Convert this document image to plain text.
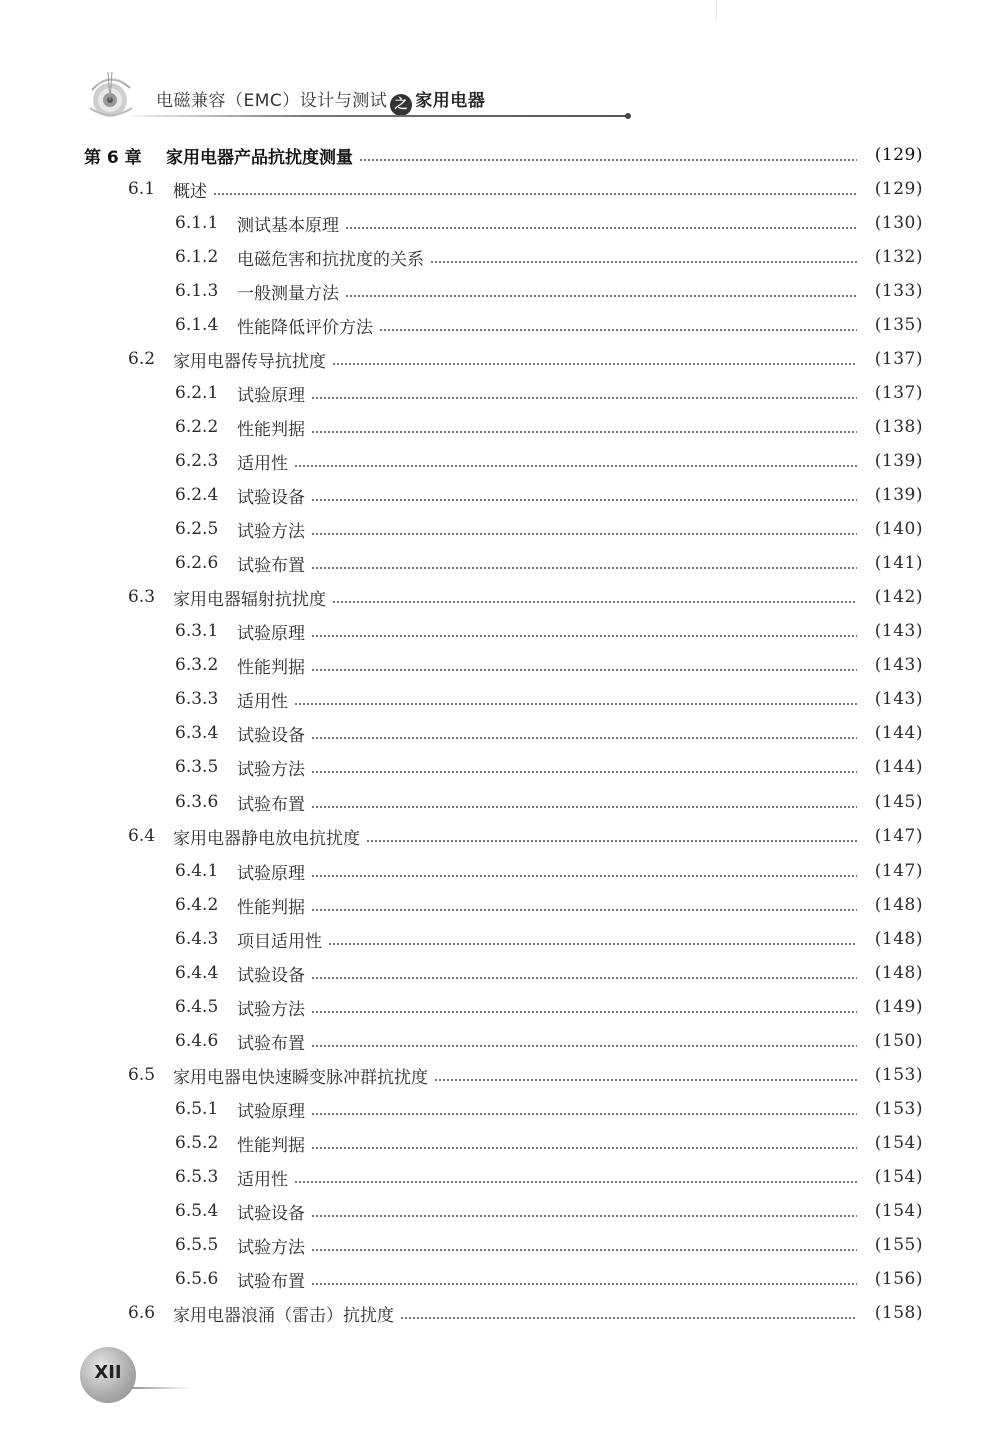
电磁兼容（EMC）设计与测试 之 家用电器
第 6 章	家用电器产品抗扰度测量	(129)
6.1	概述	(129)
6.1.1	测试基本原理	(130)
6.1.2	电磁危害和抗扰度的关系	(132)
6.1.3	一般测量方法	(133)
6.1.4	性能降低评价方法	(135)
6.2	家用电器传导抗扰度	(137)
6.2.1	试验原理	(137)
6.2.2	性能判据	(138)
6.2.3	适用性	(139)
6.2.4	试验设备	(139)
6.2.5	试验方法	(140)
6.2.6	试验布置	(141)
6.3	家用电器辐射抗扰度	(142)
6.3.1	试验原理	(143)
6.3.2	性能判据	(143)
6.3.3	适用性	(143)
6.3.4	试验设备	(144)
6.3.5	试验方法	(144)
6.3.6	试验布置	(145)
6.4	家用电器静电放电抗扰度	(147)
6.4.1	试验原理	(147)
6.4.2	性能判据	(148)
6.4.3	项目适用性	(148)
6.4.4	试验设备	(148)
6.4.5	试验方法	(149)
6.4.6	试验布置	(150)
6.5	家用电器电快速瞬变脉冲群抗扰度	(153)
6.5.1	试验原理	(153)
6.5.2	性能判据	(154)
6.5.3	适用性	(154)
6.5.4	试验设备	(154)
6.5.5	试验方法	(155)
6.5.6	试验布置	(156)
6.6	家用电器浪涌（雷击）抗扰度	(158)
XII
